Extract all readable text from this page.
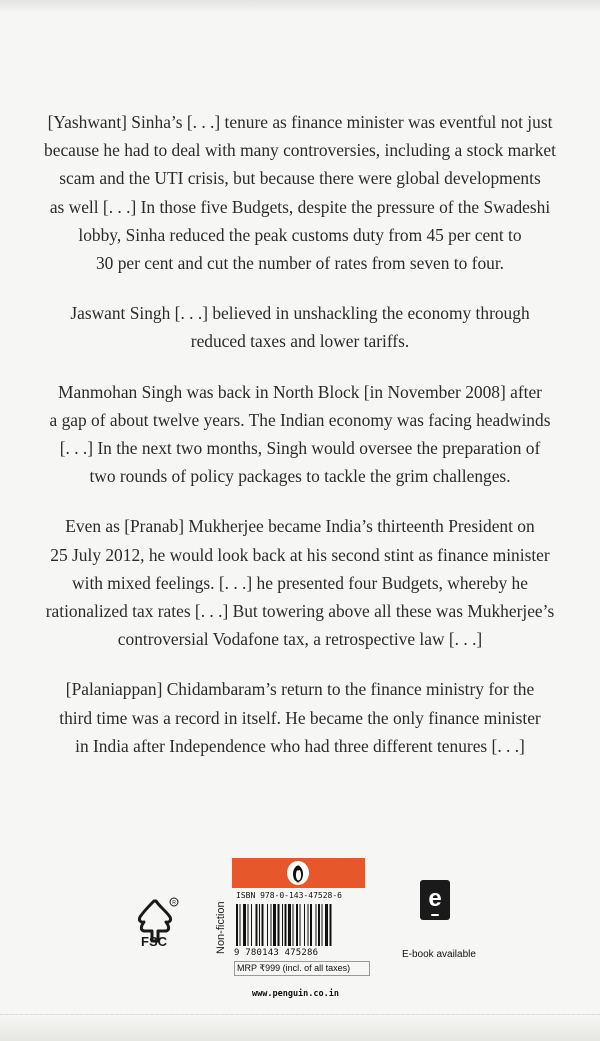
[Yashwant] Sinha’s [. . .] tenure as finance minister was eventful not just
because he had to deal with many controversies, including a stock market
scam and the UTI crisis, but because there were global developments
as well [. . .] In those five Budgets, despite the pressure of the Swadeshi
lobby, Sinha reduced the peak customs duty from 45 per cent to
30 per cent and cut the number of rates from seven to four.

Jaswant Singh [. . .] believed in unshackling the economy through
reduced taxes and lower tariffs.

Manmohan Singh was back in North Block [in November 2008] after
a gap of about twelve years. The Indian economy was facing headwinds
[. . .] In the next two months, Singh would oversee the preparation of
two rounds of policy packages to tackle the grim challenges.

Even as [Pranab] Mukherjee became India’s thirteenth President on
25 July 2012, he would look back at his second stint as finance minister
with mixed feelings. [. . .] he presented four Budgets, whereby he
rationalized tax rates [. . .] But towering above all these was Mukherjee’s
controversial Vodafone tax, a retrospective law [. . .]

[Palaniappan] Chidambaram’s return to the finance ministry for the
third time was a record in itself. He became the only finance minister
in India after Independence who had three different tenures [. . .]

R
FSC	Non-fiction
ISBN 978-0-143-47528-6
9 780143 475286
MRP ₹999 (incl. of all taxes)
www.penguin.co.in
e
E-book available
